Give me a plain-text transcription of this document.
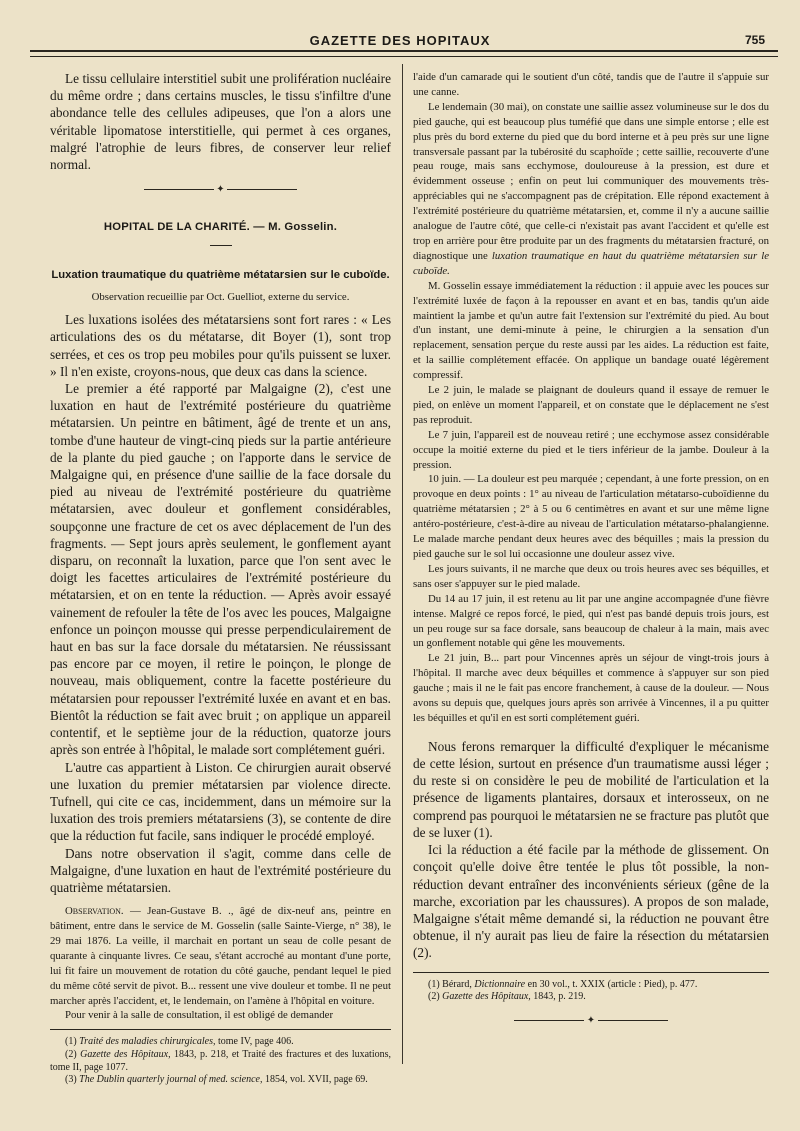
GAZETTE DES HOPITAUX	755

Le tissu cellulaire interstitiel subit une prolifération nucléaire du même ordre ; dans certains muscles, le tissu s'infiltre d'une abondance telle des cellules adipeuses, que l'on a alors une véritable lipomatose interstitielle, qui permet à ces organes, malgré l'atrophie de leurs fibres, de conserver leur relief normal.

✦
HOPITAL DE LA CHARITÉ. — M. Gosselin.
Luxation traumatique du quatrième métatarsien sur le cuboïde.
Observation recueillie par Oct. Guelliot, externe du service.

Les luxations isolées des métatarsiens sont fort rares : « Les articulations des os du métatarse, dit Boyer (1), sont trop serrées, et ces os trop peu mobiles pour qu'ils puissent se luxer. » Il n'en existe, croyons-nous, que deux cas dans la science.

Le premier a été rapporté par Malgaigne (2), c'est une luxation en haut de l'extrémité postérieure du quatrième métatarsien. Un peintre en bâtiment, âgé de trente et un ans, tombe d'une hauteur de vingt-cinq pieds sur la partie antérieure de la plante du pied gauche ; on l'apporte dans le service de Malgaigne qui, en présence d'une saillie de la face dorsale du pied au niveau de l'extrémité postérieure du quatrième métatarsien, avec douleur et gonflement considérables, soupçonne une fracture de cet os avec déplacement de l'un des fragments. — Sept jours après seulement, le gonflement ayant disparu, on reconnaît la luxation, parce que l'on sent avec le doigt les facettes articulaires de l'extrémité postérieure du métatarsien, et on en tente la réduction. — Après avoir essayé vainement de refouler la tête de l'os avec les pouces, Malgaigne enfonce un poinçon mousse qui presse perpendiculairement de haut en bas sur la face dorsale du métatarsien. Ne réussissant pas encore par ce moyen, il retire le poinçon, le plonge de nouveau, mais obliquement, contre la facette postérieure du métatarsien pour repousser l'extrémité luxée en avant et en bas. Bientôt la réduction se fait avec bruit ; on applique un appareil contentif, et le septième jour de la réduction, quatorze jours après son entrée à l'hôpital, le malade sort complétement guéri.

L'autre cas appartient à Liston. Ce chirurgien aurait observé une luxation du premier métatarsien par violence directe. Tufnell, qui cite ce cas, incidemment, dans un mémoire sur la luxation des trois premiers métatarsiens (3), se contente de dire que la réduction fut facile, sans indiquer le procédé employé.

Dans notre observation il s'agit, comme dans celle de Malgaigne, d'une luxation en haut de l'extrémité postérieure du quatrième métatarsien.

Observation. — Jean-Gustave B. ., âgé de dix-neuf ans, peintre en bâtiment, entre dans le service de M. Gosselin (salle Sainte-Vierge, n° 38), le 29 mai 1876. La veille, il marchait en portant un seau de colle pesant de quarante à cinquante livres. Ce seau, s'étant accroché au montant d'une porte, lui fit faire un mouvement de rotation du côté gauche, pendant lequel le pied du même côté servit de pivot. B... ressent une vive douleur et tombe. Il ne peut marcher après l'accident, et, le lendemain, on l'amène à l'hôpital en voiture.

Pour venir à la salle de consultation, il est obligé de demander

(1) Traité des maladies chirurgicales, tome IV, page 406.

(2) Gazette des Hôpitaux, 1843, p. 218, et Traité des fractures et des luxations, tome II, page 1077.

(3) The Dublin quarterly journal of med. science, 1854, vol. XVII, page 69.

l'aide d'un camarade qui le soutient d'un côté, tandis que de l'autre il s'appuie sur une canne.

Le lendemain (30 mai), on constate une saillie assez volumineuse sur le dos du pied gauche, qui est beaucoup plus tuméfié que dans une simple entorse ; elle est plus près du bord externe du pied que du bord interne et à peu près sur une ligne transversale passant par la tubérosité du scaphoïde ; cette saillie, recouverte d'une peau rouge, mais sans ecchymose, douloureuse à la pression, est dure et évidemment osseuse ; enfin on peut lui communiquer des mouvements très-appréciables qui ne s'accompagnent pas de crépitation. Elle répond exactement à l'extrémité postérieure du quatrième métatarsien, et, comme il n'y a aucune saillie analogue de l'autre côté, que celle-ci n'existait pas avant l'accident et qu'elle est trop en arrière pour être produite par un des fragments du métatarsien fracturé, on diagnostique une luxation traumatique en haut du quatrième métatarsien sur le cuboïde.

M. Gosselin essaye immédiatement la réduction : il appuie avec les pouces sur l'extrémité luxée de façon à la repousser en avant et en bas, tandis qu'un aide maintient la jambe et qu'un autre fait l'extension sur l'extrémité du pied. Au bout d'un instant, une demi-minute à peine, le chirurgien a la sensation d'un replacement, sensation perçue du reste aussi par les aides. La réduction est faite, et la saillie complétement effacée. On applique un bandage ouaté légèrement compressif.

Le 2 juin, le malade se plaignant de douleurs quand il essaye de remuer le pied, on enlève un moment l'appareil, et on constate que le déplacement ne s'est pas reproduit.

Le 7 juin, l'appareil est de nouveau retiré ; une ecchymose assez considérable occupe la moitié externe du pied et le tiers inférieur de la jambe. Douleur à la pression.

10 juin. — La douleur est peu marquée ; cependant, à une forte pression, on en provoque en deux points : 1° au niveau de l'articulation métatarso-cuboïdienne du quatrième métatarsien ; 2° à 5 ou 6 centimètres en avant et sur une même ligne antéro-postérieure, c'est-à-dire au niveau de l'articulation métatarso-phalangienne. Le malade marche pendant deux heures avec des béquilles ; mais la pression du pied gauche sur le sol lui occasionne une douleur assez vive.

Les jours suivants, il ne marche que deux ou trois heures avec ses béquilles, et sans oser s'appuyer sur le pied malade.

Du 14 au 17 juin, il est retenu au lit par une angine accompagnée d'une fièvre intense. Malgré ce repos forcé, le pied, qui n'est pas bandé depuis trois jours, est un peu rouge sur sa face dorsale, sans beaucoup de chaleur à la main, mais avec un gonflement notable qui gêne les mouvements.

Le 21 juin, B... part pour Vincennes après un séjour de vingt-trois jours à l'hôpital. Il marche avec deux béquilles et commence à s'appuyer sur son pied gauche ; mais il ne le fait pas encore franchement, à cause de la douleur. — Nous avons su depuis que, quelques jours après son arrivée à Vincennes, il a pu quitter les béquilles et qu'il en est sorti complétement guéri.

Nous ferons remarquer la difficulté d'expliquer le mécanisme de cette lésion, surtout en présence d'un traumatisme aussi léger ; du reste si on considère le peu de mobilité de l'articulation et la présence de ligaments plantaires, dorsaux et interosseux, on ne comprend pas pourquoi le métatarsien ne se fracture pas plutôt que de se luxer (1).

Ici la réduction a été facile par la méthode de glissement. On conçoit qu'elle doive être tentée le plus tôt possible, la non-réduction devant entraîner des inconvénients sérieux (gêne de la marche, excoriation par les chaussures). A propos de son malade, Malgaigne s'était même demandé si, la réduction ne pouvant être obtenue, il n'y aurait pas lieu de faire la résection du métatarsien (2).

(1) Bérard, Dictionnaire en 30 vol., t. XXIX (article : Pied), p. 477.

(2) Gazette des Hôpitaux, 1843, p. 219.

✦
